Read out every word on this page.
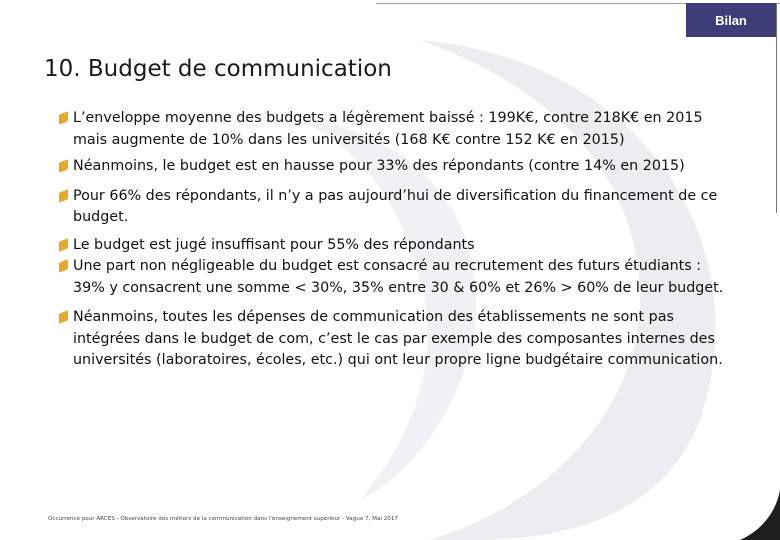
Bilan
10. Budget de communication
L’enveloppe moyenne des budgets a légèrement baissé : 199K€, contre 218K€ en 2015 mais augmente de 10% dans les universités (168 K€ contre 152 K€ en 2015)
Néanmoins, le budget est en hausse pour 33% des répondants (contre 14% en 2015)
Pour 66% des répondants, il n’y a pas aujourd’hui de diversification du financement de ce budget.
Le budget est jugé insuffisant pour 55% des répondants
Une part non négligeable du budget est consacré au recrutement des futurs étudiants : 39% y consacrent une somme < 30%, 35% entre 30 & 60% et 26% > 60% de leur budget.
Néanmoins, toutes les dépenses de communication des établissements ne sont pas intégrées dans le budget de com, c’est le cas par exemple des composantes internes des universités (laboratoires, écoles, etc.) qui ont leur propre ligne budgétaire communication.
Occurrence pour ARCES - Observatoire des métiers de la communication dans l'enseignement supérieur - Vague 7, Mai 2017
